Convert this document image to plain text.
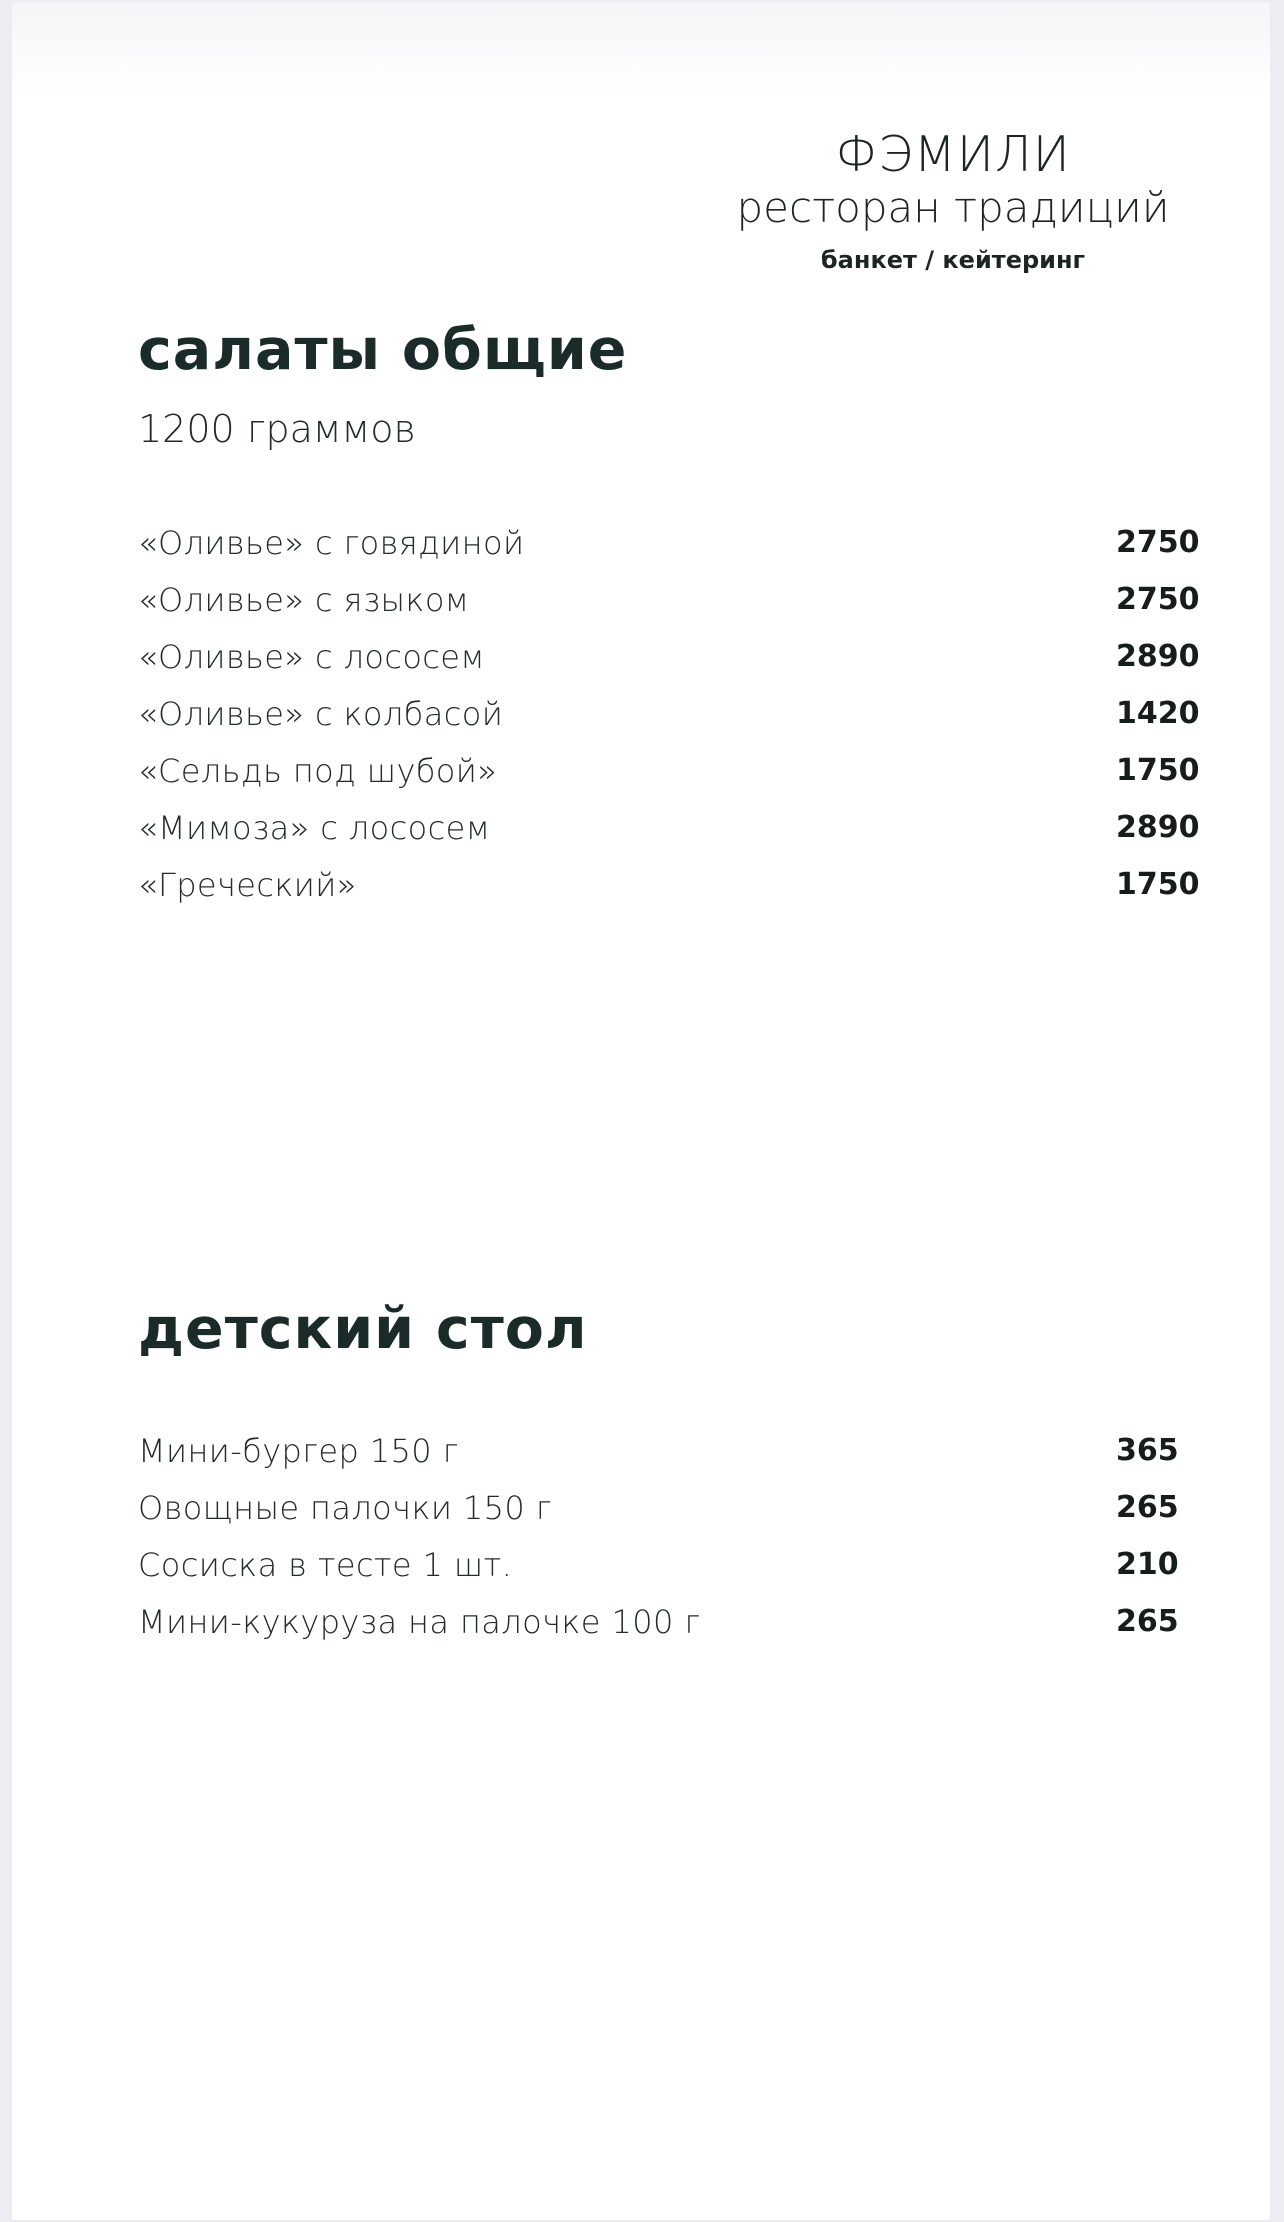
ФЭМИЛИ
ресторан традиций
банкет / кейтеринг
салаты общие

1200 граммов

«Оливье» с говядиной	2750
«Оливье» с языком	2750
«Оливье» с лососем	2890
«Оливье» с колбасой	1420
«Сельдь под шубой»	1750
«Мимоза» с лососем	2890
«Греческий»	1750
детский стол
Мини-бургер 150 г	365
Овощные палочки 150 г	265
Сосиска в тесте 1 шт.	210
Мини-кукуруза на палочке 100 г	265
